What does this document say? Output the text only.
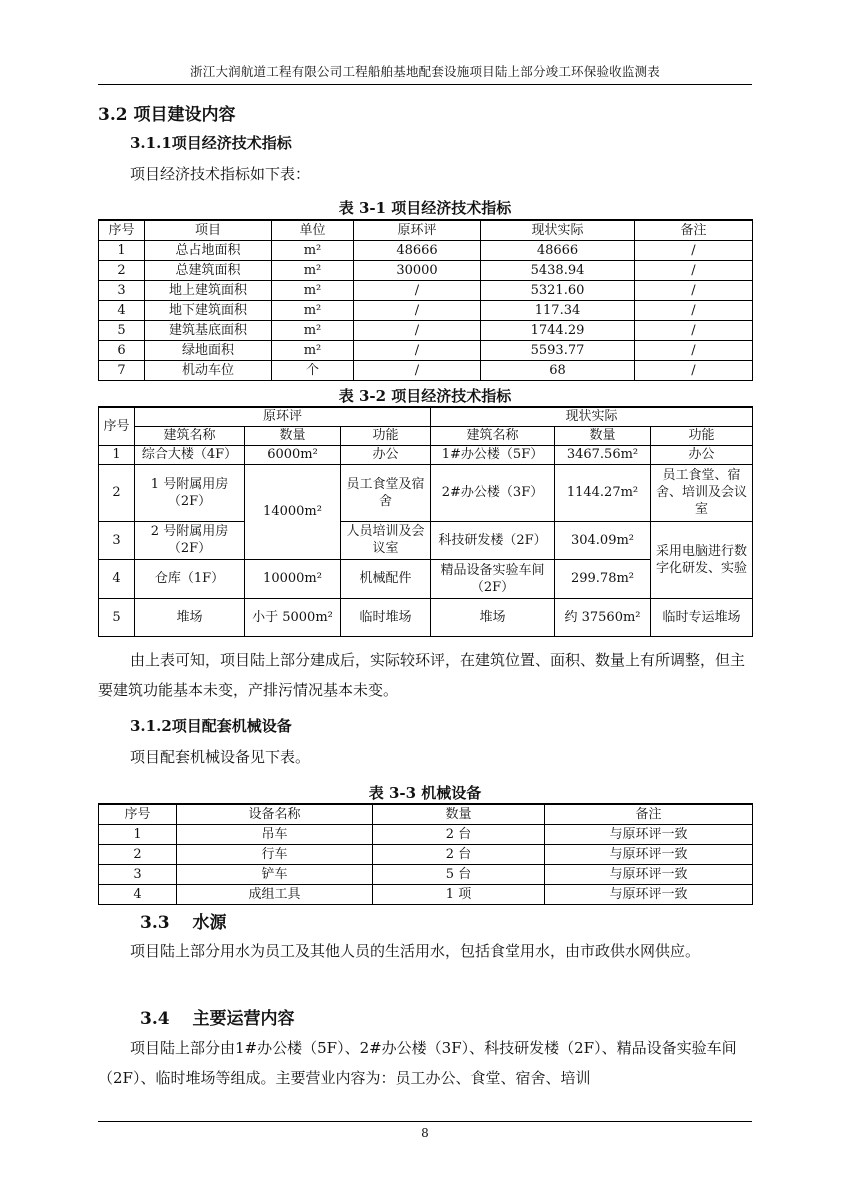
浙江大润航道工程有限公司工程船舶基地配套设施项目陆上部分竣工环保验收监测表
3.2 项目建设内容
3.1.1项目经济技术指标
项目经济技术指标如下表：
表 3-1 项目经济技术指标
序号	项目	单位	原环评	现状实际	备注
1	总占地面积	m²	48666	48666	/
2	总建筑面积	m²	30000	5438.94	/
3	地上建筑面积	m²	/	5321.60	/
4	地下建筑面积	m²	/	117.34	/
5	建筑基底面积	m²	/	1744.29	/
6	绿地面积	m²	/	5593.77	/
7	机动车位	个	/	68	/
表 3-2 项目经济技术指标
序号	原环评			现状实际		
	建筑名称	数量	功能	建筑名称	数量	功能
1	综合大楼（4F）	6000m²	办公	1#办公楼（5F）	3467.56m²	办公
2	1 号附属用房（2F）	14000m²	员工食堂及宿舍	2#办公楼（3F）	1144.27m²	员工食堂、宿舍、培训及会议室
3	2 号附属用房（2F）		人员培训及会议室	科技研发楼（2F）	304.09m²	采用电脑进行数字化研发、实验
4	仓库（1F）	10000m²	机械配件	精品设备实验车间（2F）	299.78m²	
5	堆场	小于 5000m²	临时堆场	堆场	约 37560m²	临时专运堆场
由上表可知，项目陆上部分建成后，实际较环评，在建筑位置、面积、数量上有所调整，但主要建筑功能基本未变，产排污情况基本未变。
3.1.2项目配套机械设备
项目配套机械设备见下表。
表 3-3 机械设备
序号	设备名称	数量	备注
1	吊车	2 台	与原环评一致
2	行车	2 台	与原环评一致
3	铲车	5 台	与原环评一致
4	成组工具	1 项	与原环评一致
3.3　 水源
项目陆上部分用水为员工及其他人员的生活用水，包括食堂用水，由市政供水网供应。
3.4　 主要运营内容
项目陆上部分由1#办公楼（5F）、2#办公楼（3F）、科技研发楼（2F）、精品设备实验车间（2F）、临时堆场等组成。主要营业内容为：员工办公、食堂、宿舍、培训
8
